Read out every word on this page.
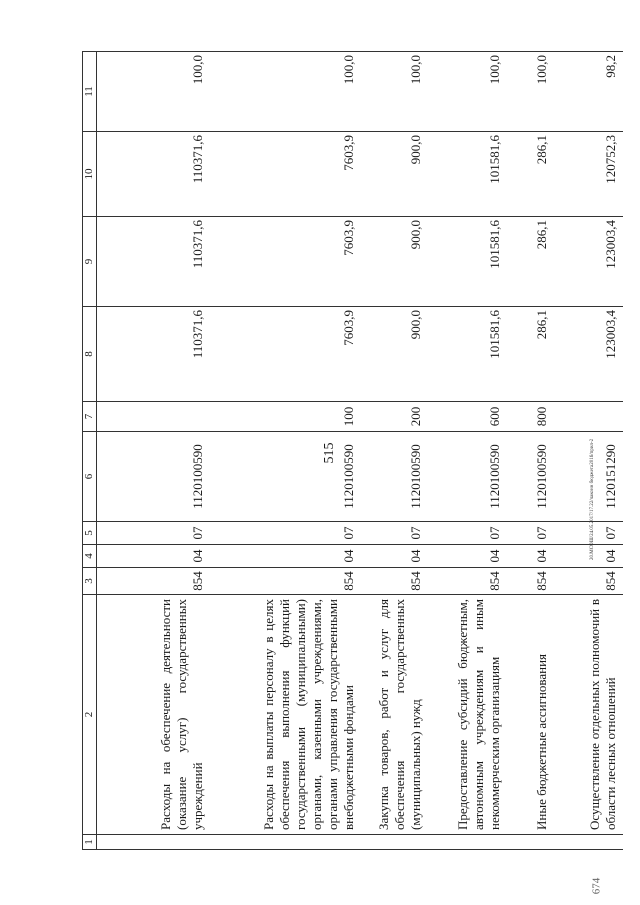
515	20.МСОШ/24.05.2017/17.22/чаконн бюджета2016/прил-2
674
1	2	3	4	5	6	7	8	9	10	11
	Расходы на обеспечение деятельности (оказание услуг) государственных учреждений	854	04	07	1120100590		110371,6	110371,6	110371,6	100,0
	Расходы на выплаты персоналу в целях обеспечения выполнения функций государственными (муниципальными) органами, казенными учреждениями, органами управления государственными внебюджетными фондами	854	04	07	1120100590	100	7603,9	7603,9	7603,9	100,0
	Закупка товаров, работ и услуг для обеспечения государственных (муниципальных) нужд	854	04	07	1120100590	200	900,0	900,0	900,0	100,0
	Предоставление субсидий бюджетным, автономным учреждениям и иным некоммерческим организациям	854	04	07	1120100590	600	101581,6	101581,6	101581,6	100,0
	Иные бюджетные ассигнования	854	04	07	1120100590	800	286,1	286,1	286,1	100,0
	Осуществление отдельных полномочий в области лесных отношений	854	04	07	1120151290		123003,4	123003,4	120752,3	98,2
